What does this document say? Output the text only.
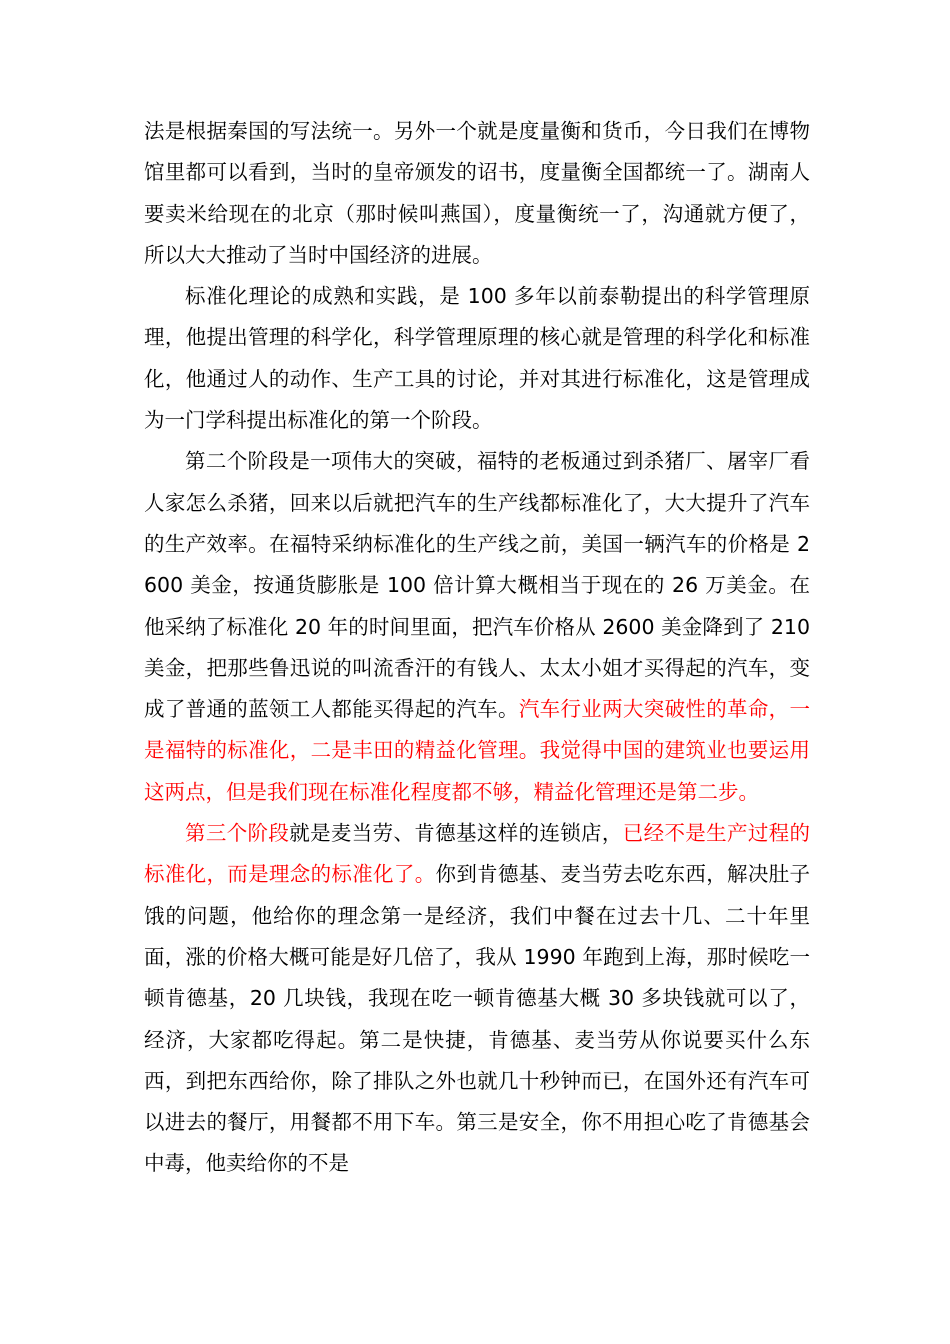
法是根据秦国的写法统一。另外一个就是度量衡和货币，今日我们在博物馆里都可以看到，当时的皇帝颁发的诏书，度量衡全国都统一了。湖南人要卖米给现在的北京（那时候叫燕国），度量衡统一了，沟通就方便了，所以大大推动了当时中国经济的进展。

标准化理论的成熟和实践，是 100 多年以前泰勒提出的科学管理原理，他提出管理的科学化，科学管理原理的核心就是管理的科学化和标准化，他通过人的动作、生产工具的讨论，并对其进行标准化，这是管理成为一门学科提出标准化的第一个阶段。

第二个阶段是一项伟大的突破，福特的老板通过到杀猪厂、屠宰厂看人家怎么杀猪，回来以后就把汽车的生产线都标准化了，大大提升了汽车的生产效率。在福特采纳标准化的生产线之前，美国一辆汽车的价格是 2600 美金，按通货膨胀是 100 倍计算大概相当于现在的 26 万美金。在他采纳了标准化 20 年的时间里面，把汽车价格从 2600 美金降到了 210 美金，把那些鲁迅说的叫流香汗的有钱人、太太小姐才买得起的汽车，变成了普通的蓝领工人都能买得起的汽车。汽车行业两大突破性的革命，一是福特的标准化，二是丰田的精益化管理。我觉得中国的建筑业也要运用这两点，但是我们现在标准化程度都不够，精益化管理还是第二步。

第三个阶段就是麦当劳、肯德基这样的连锁店，已经不是生产过程的标准化，而是理念的标准化了。你到肯德基、麦当劳去吃东西，解决肚子饿的问题，他给你的理念第一是经济，我们中餐在过去十几、二十年里面，涨的价格大概可能是好几倍了，我从 1990 年跑到上海，那时候吃一顿肯德基，20 几块钱，我现在吃一顿肯德基大概 30 多块钱就可以了，经济，大家都吃得起。第二是快捷，肯德基、麦当劳从你说要买什么东西，到把东西给你，除了排队之外也就几十秒钟而已，在国外还有汽车可以进去的餐厅，用餐都不用下车。第三是安全，你不用担心吃了肯德基会中毒，他卖给你的不是
